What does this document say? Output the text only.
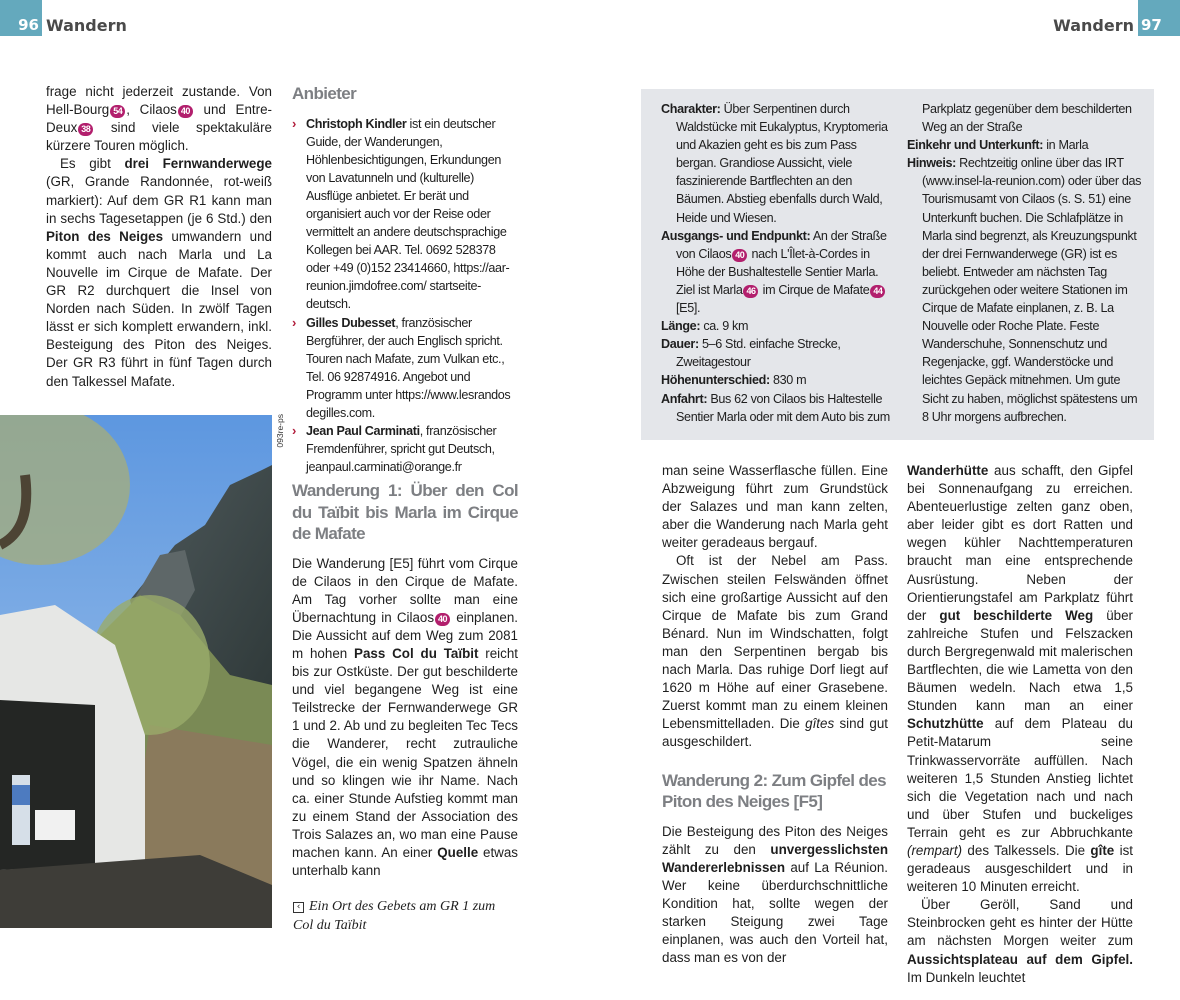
96 Wandern	Wandern 97

frage nicht jederzeit zustande. Von Hell-Bourg 54 , Cilaos 40 und Entre-Deux 38 sind viele spektakuläre kürzere Touren möglich.

Es gibt drei Fernwanderwege (GR, Grande Randonnée, rot-weiß markiert): Auf dem GR R1 kann man in sechs Tagesetappen (je 6 Std.) den Piton des Neiges umwandern und kommt auch nach Marla und La Nouvelle im Cirque de Mafate. Der GR R2 durchquert die Insel von Norden nach Süden. In zwölf Tagen lässt er sich komplett erwandern, inkl. Besteigung des Piton des Neiges. Der GR R3 führt in fünf Tagen durch den Talkessel Mafate.

093re-ps
Anbieter
› Christoph Kindler ist ein deutscher Guide, der Wanderungen, Höhlenbesichtigungen, Erkundungen von Lavatunneln und (kulturelle) Ausflüge anbietet. Er berät und organisiert auch vor der Reise oder vermittelt an andere deutschsprachige Kollegen bei AAR. Tel. 0692 528378 oder +49 (0)152 23414660, https://aar-reunion.jimdofree.com/ startseite-deutsch.
› Gilles Dubesset, französischer Bergführer, der auch Englisch spricht. Touren nach Mafate, zum Vulkan etc., Tel. 06 92874916. Angebot und Programm unter https://www.lesrandos degilles.com.
› Jean Paul Carminati, französischer Fremdenführer, spricht gut Deutsch, jeanpaul.carminati@orange.fr
Wanderung 1: Über den Col du Taïbit bis Marla im Cirque de Mafate

Die Wanderung [E5] führt vom Cirque de Cilaos in den Cirque de Mafate. Am Tag vorher sollte man eine Übernachtung in Cilaos 40 einplanen. Die Aussicht auf dem Weg zum 2081 m hohen Pass Col du Taïbit reicht bis zur Ostküste. Der gut beschilderte und viel begangene Weg ist eine Teilstrecke der Fernwanderwege GR 1 und 2. Ab und zu begleiten Tec Tecs die Wanderer, recht zutrauliche Vögel, die ein wenig Spatzen ähneln und so klingen wie ihr Name. Nach ca. einer Stunde Aufstieg kommt man zu einem Stand der Association des Trois Salazes an, wo man eine Pause machen kann. An einer Quelle etwas unterhalb kann

‹ Ein Ort des Gebets am GR 1 zum Col du Taïbit

Charakter: Über Serpentinen durch Waldstücke mit Eukalyptus, Kryptomeria und Akazien geht es bis zum Pass bergan. Grandiose Aussicht, viele faszinierende Bartflechten an den Bäumen. Abstieg ebenfalls durch Wald, Heide und Wiesen.

Ausgangs- und Endpunkt: An der Straße von Cilaos 40 nach L'Îlet-à-Cordes in Höhe der Bushaltestelle Sentier Marla. Ziel ist Marla 46 im Cirque de Mafate 44 [E5].

Länge: ca. 9 km

Dauer: 5–6 Std. einfache Strecke, Zweitagestour

Höhenunterschied: 830 m

Anfahrt: Bus 62 von Cilaos bis Haltestelle Sentier Marla oder mit dem Auto bis zum

Parkplatz gegenüber dem beschilderten Weg an der Straße

Einkehr und Unterkunft: in Marla

Hinweis: Rechtzeitig online über das IRT (www.insel-la-reunion.com) oder über das Tourismusamt von Cilaos (s. S. 51) eine Unterkunft buchen. Die Schlafplätze in Marla sind begrenzt, als Kreuzungspunkt der drei Fernwanderwege (GR) ist es beliebt. Entweder am nächsten Tag zurückgehen oder weitere Stationen im Cirque de Mafate einplanen, z. B. La Nouvelle oder Roche Plate. Feste Wanderschuhe, Sonnenschutz und Regenjacke, ggf. Wanderstöcke und leichtes Gepäck mitnehmen. Um gute Sicht zu haben, möglichst spätestens um 8 Uhr morgens aufbrechen.

man seine Wasserflasche füllen. Eine Abzweigung führt zum Grundstück der Salazes und man kann zelten, aber die Wanderung nach Marla geht weiter geradeaus bergauf.

Oft ist der Nebel am Pass. Zwischen steilen Felswänden öffnet sich eine großartige Aussicht auf den Cirque de Mafate bis zum Grand Bénard. Nun im Windschatten, folgt man den Serpentinen bergab bis nach Marla. Das ruhige Dorf liegt auf 1620 m Höhe auf einer Grasebene. Zuerst kommt man zu einem kleinen Lebensmittelladen. Die gîtes sind gut ausgeschildert.

Wanderung 2: Zum Gipfel des Piton des Neiges [F5]

Die Besteigung des Piton des Neiges zählt zu den unvergesslichsten Wandererlebnissen auf La Réunion. Wer keine überdurchschnittliche Kondition hat, sollte wegen der starken Steigung zwei Tage einplanen, was auch den Vorteil hat, dass man es von der

Wanderhütte aus schafft, den Gipfel bei Sonnenaufgang zu erreichen. Abenteuerlustige zelten ganz oben, aber leider gibt es dort Ratten und wegen kühler Nachttemperaturen braucht man eine entsprechende Ausrüstung. Neben der Orientierungstafel am Parkplatz führt der gut beschilderte Weg über zahlreiche Stufen und Felszacken durch Bergregenwald mit malerischen Bartflechten, die wie Lametta von den Bäumen wedeln. Nach etwa 1,5 Stunden kann man an einer Schutzhütte auf dem Plateau du Petit-Matarum seine Trinkwasservorräte auffüllen. Nach weiteren 1,5 Stunden Anstieg lichtet sich die Vegetation nach und nach und über Stufen und buckeliges Terrain geht es zur Abbruchkante (rempart) des Talkessels. Die gîte ist geradeaus ausgeschildert und in weiteren 10 Minuten erreicht.

Über Geröll, Sand und Steinbrocken geht es hinter der Hütte am nächsten Morgen weiter zum Aussichtsplateau auf dem Gipfel. Im Dunkeln leuchtet
